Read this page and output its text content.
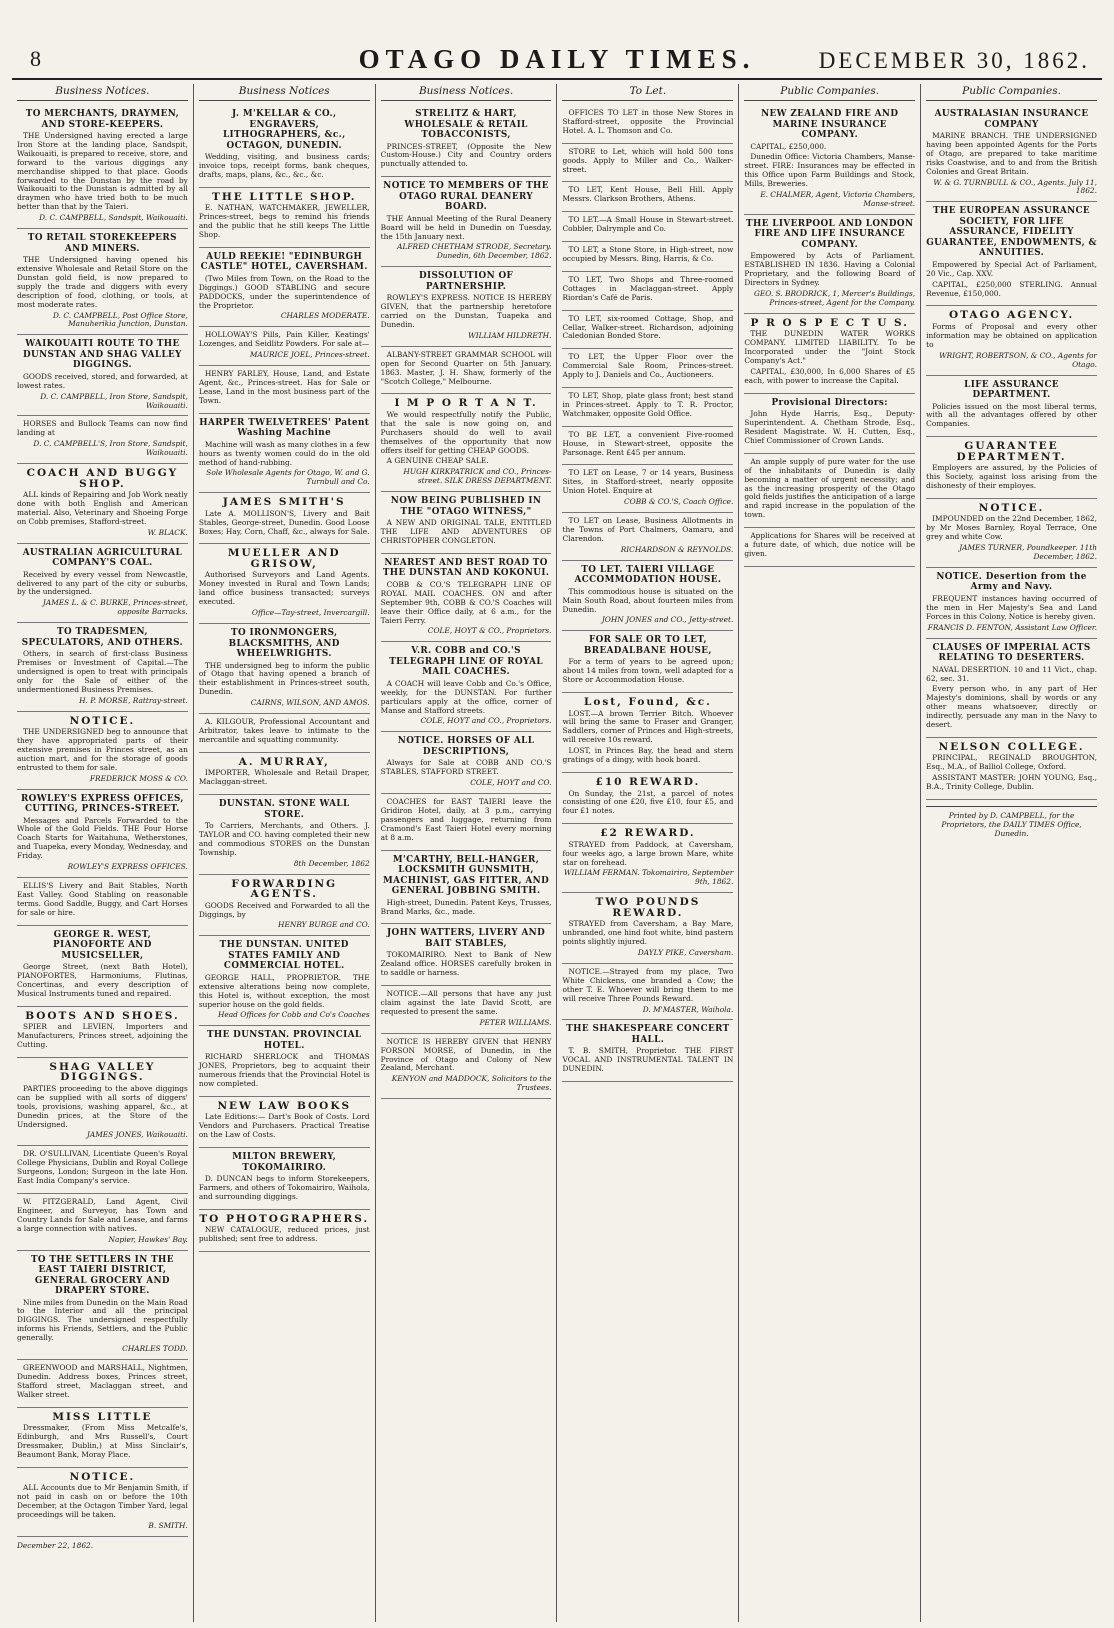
8	OTAGO DAILY TIMES.	DECEMBER 30, 1862.
Business Notices.
TO MERCHANTS, DRAYMEN, AND STORE-KEEPERS.

THE Undersigned having erected a large Iron Store at the landing place, Sandspit, Waikouaiti, is prepared to receive, store, and forward to the various diggings any merchandise shipped to that place. Goods forwarded to the Dunstan by the road by Waikouaiti to the Dunstan is admitted by all draymen who have tried both to be much better than that by the Taieri.

D. C. CAMPBELL, Sandspit, Waikouaiti.
TO RETAIL STOREKEEPERS AND MINERS.

THE Undersigned having opened his extensive Wholesale and Retail Store on the Dunstan gold field, is now prepared to supply the trade and diggers with every description of food, clothing, or tools, at most moderate rates.

D. C. CAMPBELL, Post Office Store, Manuherikia Junction, Dunstan.
WAIKOUAITI ROUTE TO THE DUNSTAN AND SHAG VALLEY DIGGINGS.

GOODS received, stored, and forwarded, at lowest rates.

D. C. CAMPBELL, Iron Store, Sandspit, Waikouaiti.

HORSES and Bullock Teams can now find landing at

D. C. CAMPBELL'S, Iron Store, Sandspit, Waikouaiti.
COACH AND BUGGY SHOP.

ALL kinds of Repairing and Job Work neatly done with both English and American material. Also, Veterinary and Shoeing Forge on Cobb premises, Stafford-street.

W. BLACK.
AUSTRALIAN AGRICULTURAL COMPANY'S COAL.

Received by every vessel from Newcastle, delivered to any part of the city or suburbs, by the undersigned.

JAMES L. & C. BURKE, Princes-street, opposite Barracks.
TO TRADESMEN, SPECULATORS, AND OTHERS.

Others, in search of first-class Business Premises or Investment of Capital.—The undersigned is open to treat with principals only for the Sale of either of the undermentioned Business Premises.

H. P. MORSE, Rattray-street.
NOTICE.

THE UNDERSIGNED beg to announce that they have appropriated parts of their extensive premises in Princes street, as an auction mart, and for the storage of goods entrusted to them for sale.

FREDERICK MOSS & CO.
ROWLEY'S EXPRESS OFFICES, CUTTING, PRINCES-STREET.

Messages and Parcels Forwarded to the Whole of the Gold Fields. THE Four Horse Coach Starts for Waitahuna, Wetherstones, and Tuapeka, every Monday, Wednesday, and Friday.

ROWLEY'S EXPRESS OFFICES.

ELLIS'S Livery and Bait Stables, North East Valley. Good Stabling on reasonable terms. Good Saddle, Buggy, and Cart Horses for sale or hire.

GEORGE R. WEST, PIANOFORTE AND MUSICSELLER,

George Street, (next Bath Hotel), PIANOFORTES, Harmoniums, Flutinas, Concertinas, and every description of Musical Instruments tuned and repaired.

BOOTS AND SHOES.

SPIER and LEVIEN, Importers and Manufacturers, Princes street, adjoining the Cutting.

SHAG VALLEY DIGGINGS.

PARTIES proceeding to the above diggings can be supplied with all sorts of diggers' tools, provisions, washing apparel, &c., at Dunedin prices, at the Store of the Undersigned.

JAMES JONES, Waikouaiti.

DR. O'SULLIVAN, Licentiate Queen's Royal College Physicians, Dublin and Royal College Surgeons, London; Surgeon in the late Hon. East India Company's service.

W. FITZGERALD, Land Agent, Civil Engineer, and Surveyor, has Town and Country Lands for Sale and Lease, and farms a large connection with natives.

Napier, Hawkes' Bay.
TO THE SETTLERS IN THE EAST TAIERI DISTRICT, GENERAL GROCERY AND DRAPERY STORE.

Nine miles from Dunedin on the Main Road to the Interior and all the principal DIGGINGS. The undersigned respectfully informs his Friends, Settlers, and the Public generally.

CHARLES TODD.

GREENWOOD and MARSHALL, Nightmen, Dunedin. Address boxes, Princes street, Stafford street, Maclaggan street, and Walker street.

MISS LITTLE

Dressmaker, (From Miss Metcalfe's, Edinburgh, and Mrs Russell's, Court Dressmaker, Dublin,) at Miss Sinclair's, Beaumont Bank, Moray Place.

NOTICE.

ALL Accounts due to Mr Benjamin Smith, if not paid in cash on or before the 10th December, at the Octagon Timber Yard, legal proceedings will be taken.

B. SMITH.
December 22, 1862.
Business Notices
J. M'KELLAR & CO., ENGRAVERS, LITHOGRAPHERS, &c., OCTAGON, DUNEDIN.

Wedding, visiting, and business cards; invoice tops, receipt forms, bank cheques, drafts, maps, plans, &c., &c., &c.

THE LITTLE SHOP.

E. NATHAN, WATCHMAKER, JEWELLER, Princes-street, begs to remind his friends and the public that he still keeps The Little Shop.

AULD REEKIE! "EDINBURGH CASTLE" HOTEL, CAVERSHAM.

(Two Miles from Town, on the Road to the Diggings.) GOOD STABLING and secure PADDOCKS, under the superintendence of the Proprietor.

CHARLES MODERATE.

HOLLOWAY'S Pills, Pain Killer, Keatings' Lozenges, and Seidlitz Powders. For sale at—

MAURICE JOEL, Princes-street.

HENRY FARLEY, House, Land, and Estate Agent, &c., Princes-street. Has for Sale or Lease, Land in the most business part of the Town.

HARPER TWELVETREES' Patent Washing Machine

Machine will wash as many clothes in a few hours as twenty women could do in the old method of hand-rubbing.

Sole Wholesale Agents for Otago, W. and G. Turnbull and Co.
JAMES SMITH'S

Late A. MOLLISON'S, Livery and Bait Stables, George-street, Dunedin. Good Loose Boxes; Hay, Corn, Chaff, &c., always for Sale.

MUELLER AND GRISOW,

Authorised Surveyors and Land Agents. Money invested in Rural and Town Lands; land office business transacted; surveys executed.

Office—Tay-street, Invercargill.
TO IRONMONGERS, BLACKSMITHS, AND WHEELWRIGHTS.

THE undersigned beg to inform the public of Otago that having opened a branch of their establishment in Princes-street south, Dunedin.

CAIRNS, WILSON, AND AMOS.

A. KILGOUR, Professional Accountant and Arbitrator, takes leave to intimate to the mercantile and squatting community.

A. MURRAY,

IMPORTER, Wholesale and Retail Draper, Maclaggan-street.

DUNSTAN. STONE WALL STORE.

To Carriers, Merchants, and Others. J. TAYLOR and CO. having completed their new and commodious STORES on the Dunstan Township.

8th December, 1862
FORWARDING AGENTS.

GOODS Received and Forwarded to all the Diggings, by

HENRY BURGE and CO.
THE DUNSTAN. UNITED STATES FAMILY AND COMMERCIAL HOTEL.

GEORGE HALL, PROPRIETOR. THE extensive alterations being now complete, this Hotel is, without exception, the most superior house on the gold fields.

Head Offices for Cobb and Co's Coaches
THE DUNSTAN. PROVINCIAL HOTEL.

RICHARD SHERLOCK and THOMAS JONES, Proprietors, beg to acquaint their numerous friends that the Provincial Hotel is now completed.

NEW LAW BOOKS

Late Editions:— Dart's Book of Costs. Lord Vendors and Purchasers. Practical Treatise on the Law of Costs.

MILTON BREWERY, TOKOMAIRIRO.

D. DUNCAN begs to inform Storekeepers, Farmers, and others of Tokomairiro, Waihola, and surrounding diggings.

TO PHOTOGRAPHERS.

NEW CATALOGUE, reduced prices, just published; sent free to address.

Business Notices.
STRELITZ & HART, WHOLESALE & RETAIL TOBACCONISTS,

PRINCES-STREET, (Opposite the New Custom-House.) City and Country orders punctually attended to.

NOTICE TO MEMBERS OF THE OTAGO RURAL DEANERY BOARD.

THE Annual Meeting of the Rural Deanery Board will be held in Dunedin on Tuesday, the 15th January next.

ALFRED CHETHAM STRODE, Secretary. Dunedin, 6th December, 1862.
DISSOLUTION OF PARTNERSHIP.

ROWLEY'S EXPRESS. NOTICE IS HEREBY GIVEN, that the partnership heretofore carried on the Dunstan, Tuapeka and Dunedin.

WILLIAM HILDRETH.

ALBANY-STREET GRAMMAR SCHOOL will open for Second Quarter on 5th January, 1863. Master, J. H. Shaw, formerly of the "Scotch College," Melbourne.

I M P O R T A N T.

We would respectfully notify the Public, that the sale is now going on, and Purchasers should do well to avail themselves of the opportunity that now offers itself for getting CHEAP GOODS.

A GENUINE CHEAP SALE.

HUGH KIRKPATRICK and CO., Princes-street. SILK DRESS DEPARTMENT.
NOW BEING PUBLISHED IN THE "OTAGO WITNESS,"

A NEW AND ORIGINAL TALE, ENTITLED THE LIFE AND ADVENTURES OF CHRISTOPHER CONGLETON.

NEAREST AND BEST ROAD TO THE DUNSTAN AND KOKONUI.

COBB & CO.'S TELEGRAPH LINE OF ROYAL MAIL COACHES. ON and after September 9th, COBB & CO.'S Coaches will leave their Office daily, at 6 a.m., for the Taieri Ferry.

COLE, HOYT & CO., Proprietors.
V.R. COBB and CO.'S TELEGRAPH LINE OF ROYAL MAIL COACHES.

A COACH will leave Cobb and Co.'s Office, weekly, for the DUNSTAN. For further particulars apply at the office, corner of Manse and Stafford streets.

COLE, HOYT and CO., Proprietors.
NOTICE. HORSES OF ALL DESCRIPTIONS,

Always for Sale at COBB AND CO.'S STABLES, STAFFORD STREET.

COLE, HOYT and CO.

COACHES for EAST TAIERI leave the Gridiron Hotel, daily, at 3 p.m., carrying passengers and luggage, returning from Cramond's East Taieri Hotel every morning at 8 a.m.

M'CARTHY, BELL-HANGER, LOCKSMITH GUNSMITH, MACHINIST, GAS FITTER, AND GENERAL JOBBING SMITH.

High-street, Dunedin. Patent Keys, Trusses, Brand Marks, &c., made.

JOHN WATTERS, LIVERY AND BAIT STABLES,

TOKOMAIRIRO. Next to Bank of New Zealand office. HORSES carefully broken in to saddle or harness.

NOTICE.—All persons that have any just claim against the late David Scott, are requested to present the same.

PETER WILLIAMS.

NOTICE IS HEREBY GIVEN that HENRY FORSON MORSE, of Dunedin, in the Province of Otago and Colony of New Zealand, Merchant.

KENYON and MADDOCK, Solicitors to the Trustees.
To Let.

OFFICES TO LET in those New Stores in Stafford-street, opposite the Provincial Hotel. A. L. Thomson and Co.

STORE to Let, which will hold 500 tons goods. Apply to Miller and Co., Walker-street.

TO LET, Kent House, Bell Hill. Apply Messrs. Clarkson Brothers, Athens.

TO LET.—A Small House in Stewart-street. Cobbler, Dalrymple and Co.

TO LET, a Stone Store, in High-street, now occupied by Messrs. Bing, Harris, & Co.

TO LET, Two Shops and Three-roomed Cottages in Maclaggan-street. Apply Riordan's Café de Paris.

TO LET, six-roomed Cottage, Shop, and Cellar, Walker-street. Richardson, adjoining Caledonian Bonded Store.

TO LET, the Upper Floor over the Commercial Sale Room, Princes-street. Apply to J. Daniels and Co., Auctioneers.

TO LET, Shop, plate glass front; best stand in Princes-street. Apply to T. R. Proctor, Watchmaker, opposite Gold Office.

TO BE LET, a convenient Five-roomed House, in Stewart-street, opposite the Parsonage. Rent £45 per annum.

TO LET on Lease, 7 or 14 years, Business Sites, in Stafford-street, nearly opposite Union Hotel. Enquire at

COBB & CO.'S, Coach Office.

TO LET on Lease, Business Allotments in the Towns of Port Chalmers, Oamaru, and Clarendon.

RICHARDSON & REYNOLDS.
TO LET. TAIERI VILLAGE ACCOMMODATION HOUSE.

This commodious house is situated on the Main South Road, about fourteen miles from Dunedin.

JOHN JONES and CO., Jetty-street.
FOR SALE OR TO LET, BREADALBANE HOUSE,

For a term of years to be agreed upon; about 14 miles from town, well adapted for a Store or Accommodation House.

Lost, Found, &c.

LOST.—A brown Terrier Bitch. Whoever will bring the same to Fraser and Granger, Saddlers, corner of Princes and High-streets, will receive 10s reward.

LOST, in Princes Bay, the head and stern gratings of a dingy, with hook board.

£10 REWARD.

On Sunday, the 21st, a parcel of notes consisting of one £20, five £10, four £5, and four £1 notes.

£2 REWARD.

STRAYED from Paddock, at Caversham, four weeks ago, a large brown Mare, white star on forehead.

WILLIAM FERMAN. Tokomairiro, September 9th, 1862.
TWO POUNDS REWARD.

STRAYED from Caversham, a Bay Mare, unbranded, one hind foot white, bind pastern points slightly injured.

DAYLY PIKE, Caversham.

NOTICE.—Strayed from my place, Two White Chickens, one branded a Cow; the other T. E. Whoever will bring them to me will receive Three Pounds Reward.

D. M'MASTER, Waihola.
THE SHAKESPEARE CONCERT HALL.

T. B. SMITH, Proprietor. THE FIRST VOCAL AND INSTRUMENTAL TALENT IN DUNEDIN.

Public Companies.
NEW ZEALAND FIRE AND MARINE INSURANCE COMPANY.

CAPITAL, £250,000.

Dunedin Office: Victoria Chambers, Manse-street. FIRE: Insurances may be effected in this Office upon Farm Buildings and Stock, Mills, Breweries.

E. CHALMER, Agent, Victoria Chambers, Manse-street.
THE LIVERPOOL AND LONDON FIRE AND LIFE INSURANCE COMPANY.

Empowered by Acts of Parliament. ESTABLISHED IN 1836. Having a Colonial Proprietary, and the following Board of Directors in Sydney.

GEO. S. BRODRICK, 1, Mercer's Buildings, Princes-street, Agent for the Company.
P R O S P E C T U S.

THE DUNEDIN WATER WORKS COMPANY. LIMITED LIABILITY. To be Incorporated under the "Joint Stock Company's Act."

CAPITAL, £30,000, In 6,000 Shares of £5 each, with power to increase the Capital.

Provisional Directors:

John Hyde Harris, Esq., Deputy-Superintendent. A. Chetham Strode, Esq., Resident Magistrate. W. H. Cutten, Esq., Chief Commissioner of Crown Lands.

An ample supply of pure water for the use of the inhabitants of Dunedin is daily becoming a matter of urgent necessity; and as the increasing prosperity of the Otago gold fields justifies the anticipation of a large and rapid increase in the population of the town.

Applications for Shares will be received at a future date, of which, due notice will be given.

Public Companies.
AUSTRALASIAN INSURANCE COMPANY

MARINE BRANCH. THE UNDERSIGNED having been appointed Agents for the Ports of Otago, are prepared to take maritime risks Coastwise, and to and from the British Colonies and Great Britain.

W. & G. TURNBULL & CO., Agents. July 11, 1862.
THE EUROPEAN ASSURANCE SOCIETY, FOR LIFE ASSURANCE, FIDELITY GUARANTEE, ENDOWMENTS, & ANNUITIES.

Empowered by Special Act of Parliament, 20 Vic., Cap. XXV.

CAPITAL, £250,000 STERLING. Annual Revenue, £150,000.

OTAGO AGENCY.

Forms of Proposal and every other information may be obtained on application to

WRIGHT, ROBERTSON, & CO., Agents for Otago.
LIFE ASSURANCE DEPARTMENT.

Policies issued on the most liberal terms, with all the advantages offered by other Companies.

GUARANTEE DEPARTMENT.

Employers are assured, by the Policies of this Society, against loss arising from the dishonesty of their employes.

NOTICE.

IMPOUNDED on the 22nd December, 1862, by Mr Moses Barnley, Royal Terrace, One grey and white Cow.

JAMES TURNER, Poundkeeper. 11th December, 1862.
NOTICE. Desertion from the Army and Navy.

FREQUENT instances having occurred of the men in Her Majesty's Sea and Land Forces in this Colony, Notice is hereby given.

FRANCIS D. FENTON, Assistant Law Officer.
CLAUSES OF IMPERIAL ACTS RELATING TO DESERTERS.

NAVAL DESERTION. 10 and 11 Vict., chap. 62, sec. 31.

Every person who, in any part of Her Majesty's dominions, shall by words or any other means whatsoever, directly or indirectly, persuade any man in the Navy to desert.

NELSON COLLEGE.

PRINCIPAL, REGINALD BROUGHTON, Esq., M.A., of Balliol College, Oxford.

ASSISTANT MASTER: JOHN YOUNG, Esq., B.A., Trinity College, Dublin.

Printed by D. CAMPBELL, for the Proprietors, the DAILY TIMES Office, Dunedin.
